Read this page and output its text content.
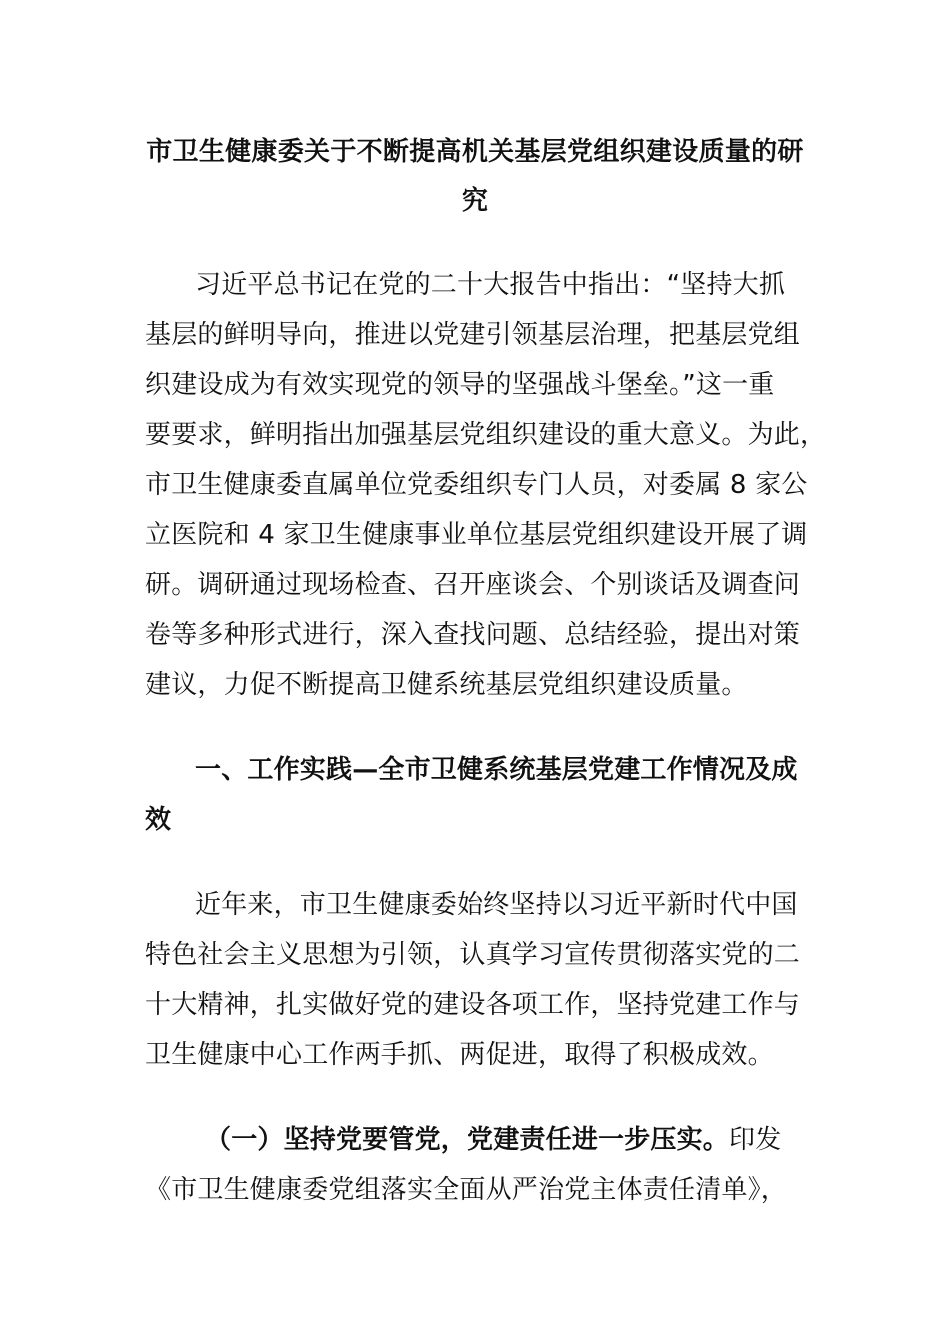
市卫生健康委关于不断提高机关基层党组织建设质量的研
究
习近平总书记在党的二十大报告中指出：“坚持大抓
基层的鲜明导向，推进以党建引领基层治理，把基层党组
织建设成为有效实现党的领导的坚强战斗堡垒。”这一重
要要求，鲜明指出加强基层党组织建设的重大意义。为此，
市卫生健康委直属单位党委组织专门人员，对委属 8 家公
立医院和 4 家卫生健康事业单位基层党组织建设开展了调
研。调研通过现场检查、召开座谈会、个别谈话及调查问
卷等多种形式进行，深入查找问题、总结经验，提出对策
建议，力促不断提高卫健系统基层党组织建设质量。
一、工作实践—全市卫健系统基层党建工作情况及成
效
近年来，市卫生健康委始终坚持以习近平新时代中国
特色社会主义思想为引领，认真学习宣传贯彻落实党的二
十大精神，扎实做好党的建设各项工作，坚持党建工作与
卫生健康中心工作两手抓、两促进，取得了积极成效。
（一）坚持党要管党，党建责任进一步压实。印发
《市卫生健康委党组落实全面从严治党主体责任清单》，
